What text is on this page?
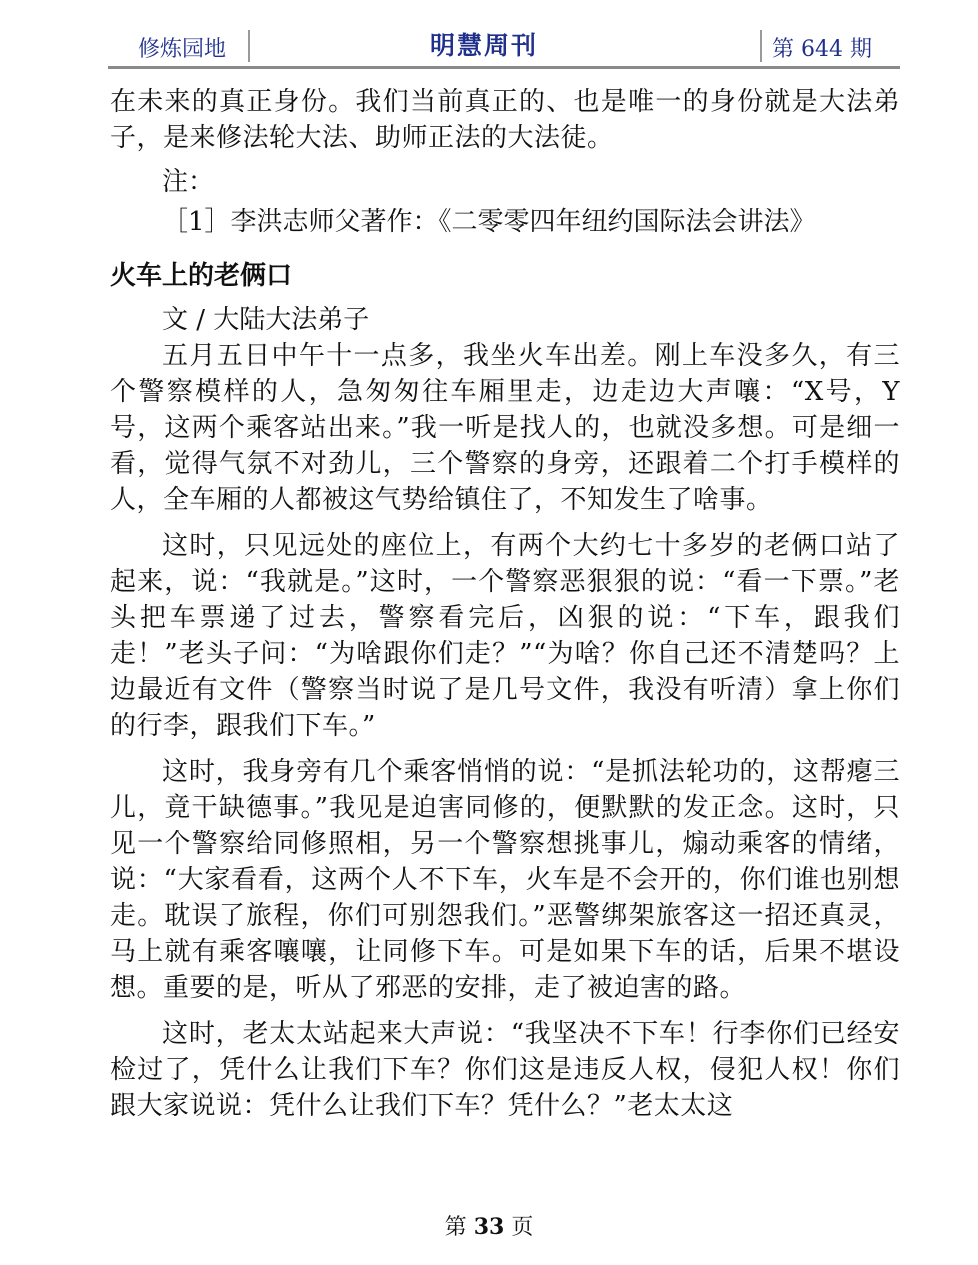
修炼园地	明慧周刊	第 644 期

在未来的真正身份。我们当前真正的、也是唯一的身份就是大法弟子，是来修法轮大法、助师正法的大法徒。

注：

［1］李洪志师父著作：《二零零四年纽约国际法会讲法》

火车上的老俩口

文 / 大陆大法弟子

五月五日中午十一点多，我坐火车出差。刚上车没多久，有三个警察模样的人，急匆匆往车厢里走，边走边大声嚷：“X号，Y 号，这两个乘客站出来。”我一听是找人的，也就没多想。可是细一看，觉得气氛不对劲儿，三个警察的身旁，还跟着二个打手模样的人，全车厢的人都被这气势给镇住了，不知发生了啥事。

这时，只见远处的座位上，有两个大约七十多岁的老俩口站了起来，说：“我就是。”这时，一个警察恶狠狠的说：“看一下票。”老头把车票递了过去，警察看完后，凶狠的说：“下车，跟我们走！”老头子问：“为啥跟你们走？”“为啥？你自己还不清楚吗？上边最近有文件（警察当时说了是几号文件，我没有听清）拿上你们的行李，跟我们下车。”

这时，我身旁有几个乘客悄悄的说：“是抓法轮功的，这帮瘪三儿，竟干缺德事。”我见是迫害同修的，便默默的发正念。这时，只见一个警察给同修照相，另一个警察想挑事儿，煽动乘客的情绪，说：“大家看看，这两个人不下车，火车是不会开的，你们谁也别想走。耽误了旅程，你们可别怨我们。”恶警绑架旅客这一招还真灵，马上就有乘客嚷嚷，让同修下车。可是如果下车的话，后果不堪设想。重要的是，听从了邪恶的安排，走了被迫害的路。

这时，老太太站起来大声说：“我坚决不下车！行李你们已经安检过了，凭什么让我们下车？你们这是违反人权，侵犯人权！你们跟大家说说：凭什么让我们下车？凭什么？”老太太这

第 33 页
